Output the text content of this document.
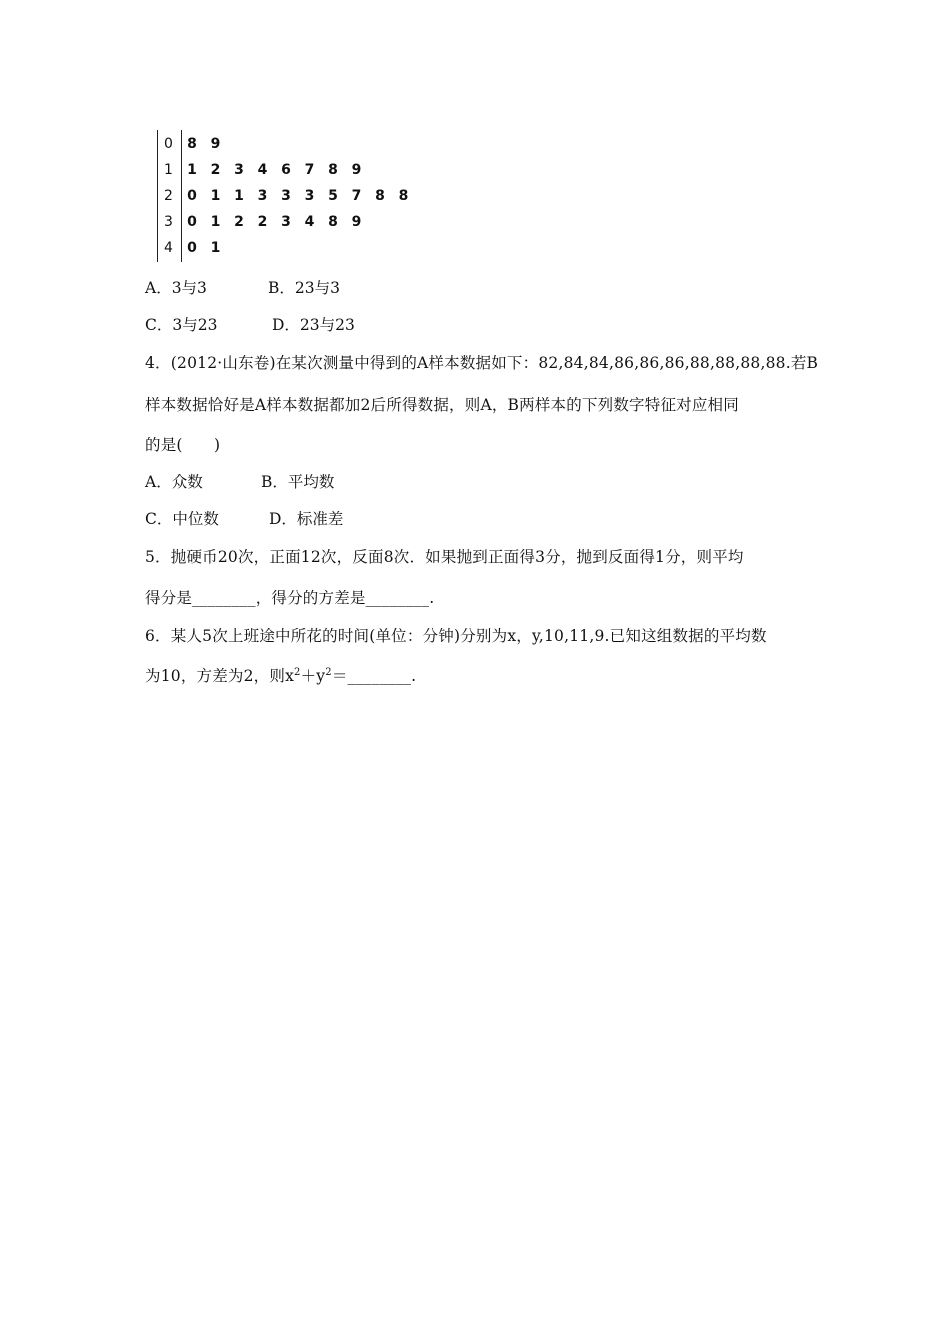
0	8 9
1	1 2 3 4 6 7 8 9
2	0 1 1 3 3 3 5 7 8 8
3	0 1 2 2 3 4 8 9
4	0 1
A．3与3	B．23与3
C．3与23	D．23与23
4．(2012·山东卷)在某次测量中得到的A样本数据如下：82,84,84,86,86,86,88,88,88,88.若B
样本数据恰好是A样本数据都加2后所得数据，则A，B两样本的下列数字特征对应相同
的是(　　)
A．众数	B．平均数
C．中位数	D．标准差
5．抛硬币20次，正面12次，反面8次．如果抛到正面得3分，抛到反面得1分，则平均
得分是________，得分的方差是________.
6．某人5次上班途中所花的时间(单位：分钟)分别为x，y,10,11,9.已知这组数据的平均数
为10，方差为2，则$x^2+y^2=\_\_\_\_\_\_\_\_$.
